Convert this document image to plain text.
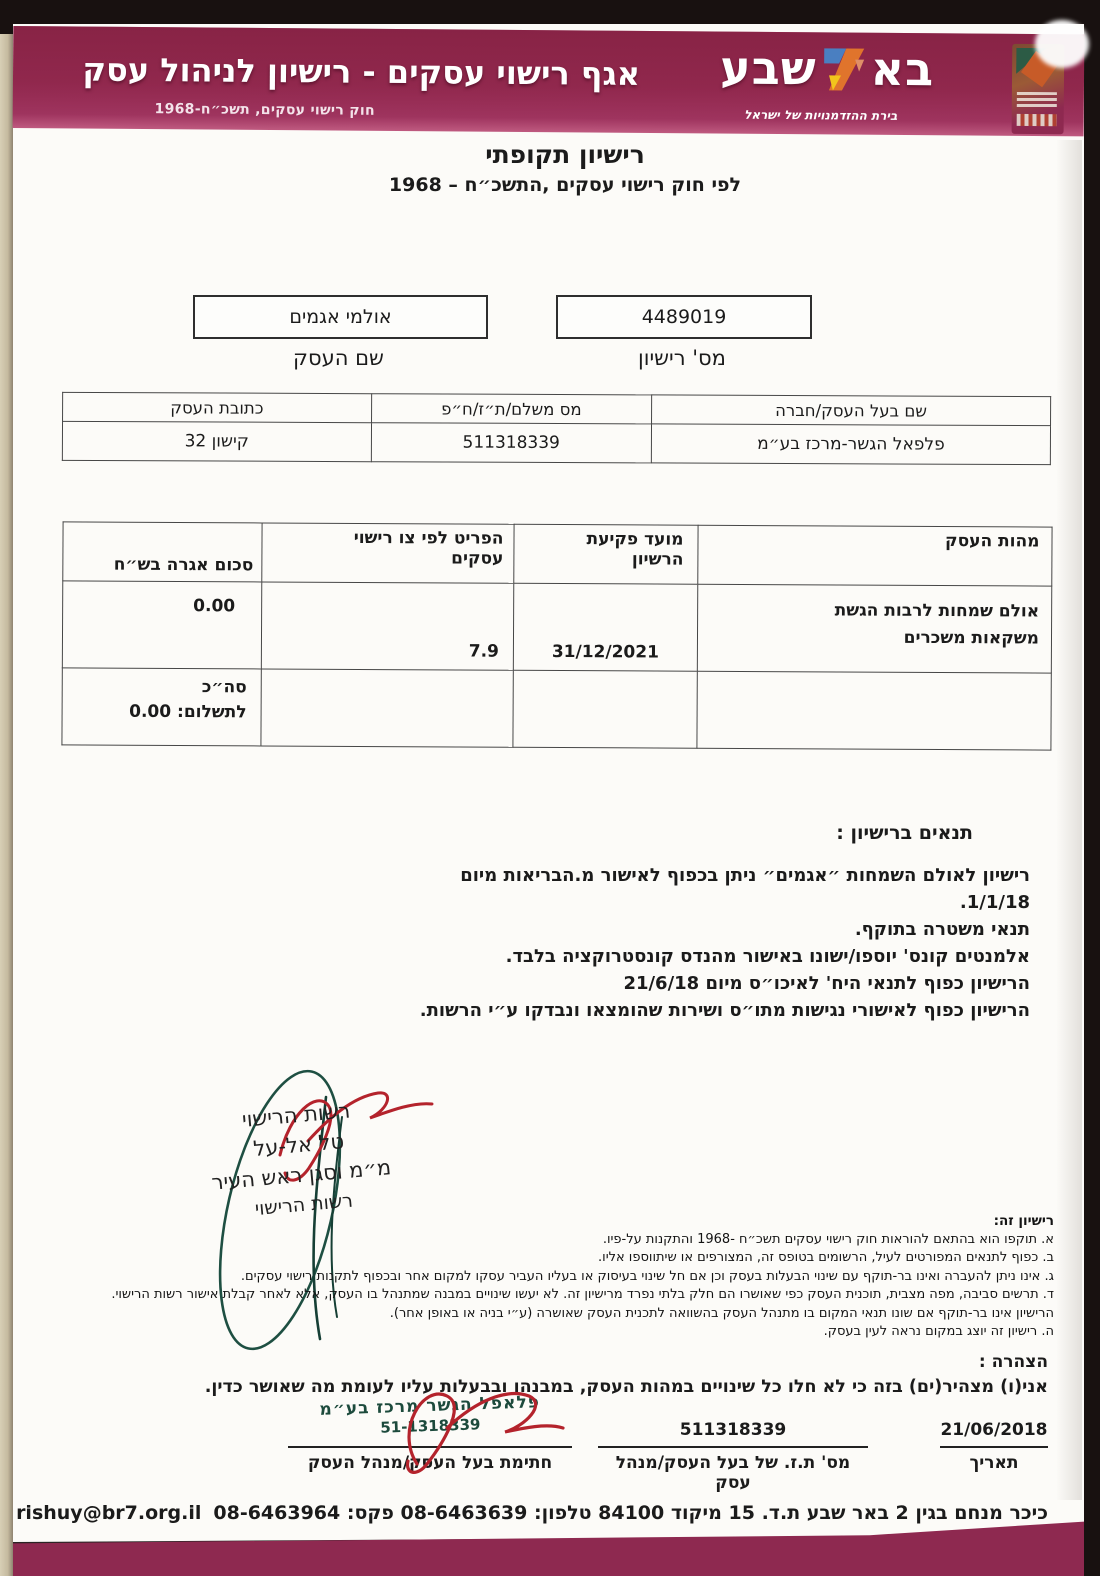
אגף רישוי עסקים - רישיון לניהול עסק
חוק רישוי עסקים, תשכ״ח-1968
בא
שבע
בירת ההזדמנויות של ישראל
רישיון תקופתי
לפי חוק רישוי עסקים ,התשכ״ח – 1968
4489019
מס' רישיון
אולמי אגמים
שם העסק
שם בעל העסק/חברה	מס משלם/ת״ז/ח״פ	כתובת העסק
פלפאל הגשר-מרכז בע״מ	511318339	קישון 32
מהות העסק	מועד פקיעת הרשיון	הפריט לפי צו רישוי עסקים	סכום אגרה בש״ח
אולם שמחות לרבות הגשת משקאות משכרים	31/12/2021	7.9	0.00

			סה״כ
לתשלום: 0.00
תנאים ברישיון :
רישיון לאולם השמחות ״אגמים״ ניתן בכפוף לאישור מ.הבריאות מיום 1/1/18.
תנאי משטרה בתוקף.
אלמנטים קונס' יוספו/ישונו באישור מהנדס קונסטרוקציה בלבד.
הרישיון כפוף לתנאי היח' לאיכו״ס מיום 21/6/18
הרישיון כפוף לאישורי נגישות מתו״ס ושירות שהומצאו ונבדקו ע״י הרשות.
רשות הרישוי
טל אל-על
מ״מ וסגן ראש העיר
רשות הרישוי
רישיון זה:
א. תוקפו הוא בהתאם להוראות חוק רישוי עסקים תשכ״ח -1968 והתקנות על-פיו.
ב. כפוף לתנאים המפורטים לעיל, הרשומים בטופס זה, המצורפים או שיתווספו אליו.
ג. אינו ניתן להעברה ואינו בר-תוקף עם שינוי הבעלות בעסק וכן אם חל שינוי בעיסוק או בעליו העביר עסקו למקום אחר ובכפוף לתקנות רישוי עסקים.
ד. תרשים סביבה, מפה מצבית, תוכנית העסק כפי שאושרו הם חלק בלתי נפרד מרישיון זה. לא יעשו שינויים במבנה שמתנהל בו העסק, אלא לאחר קבלת אישור רשות הרישוי.
הרישיון אינו בר-תוקף אם שונו תנאי המקום בו מתנהל העסק בהשוואה לתכנית העסק שאושרה (ע״י בניה או באופן אחר).
ה. רישיון זה יוצג במקום נראה לעין בעסק.
הצהרה :
אני(ו) מצהיר(ים) בזה כי לא חלו כל שינויים במהות העסק, במבנהו ובבעלות עליו לעומת מה שאושר כדין.
21/06/2018
תאריך
511318339
מס' ת.ז. של בעל העסק/מנהל עסק
פלאפל הגשר מרכז בע״מ
51-1318339
חתימת בעל העסק/מנהל העסק
כיכר מנחם בגין 2 באר שבע ת.ד. 15 מיקוד 84100 טלפון: 08-6463639 פקס: 08-6463964
rishuy@br7.org.il
